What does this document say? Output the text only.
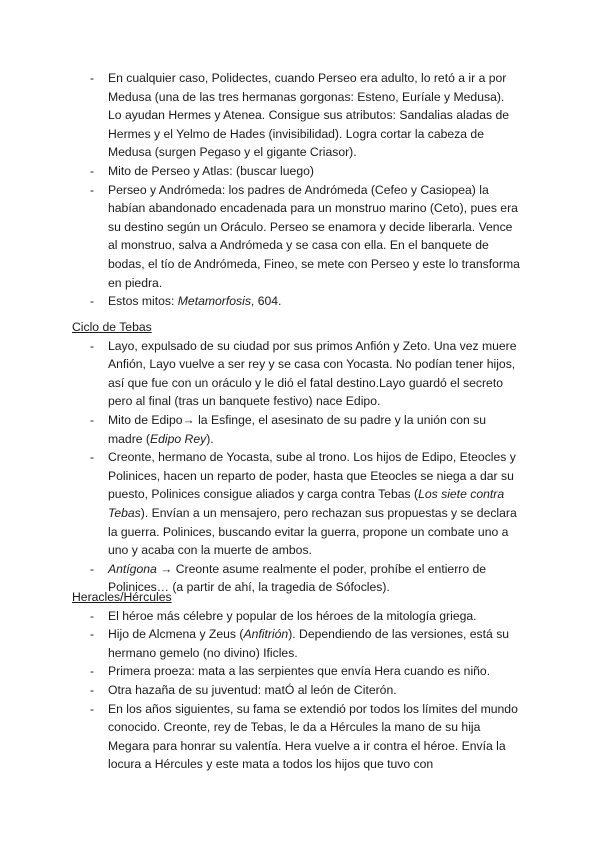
- En cualquier caso, Polidectes, cuando Perseo era adulto, lo retó a ir a por Medusa (una de las tres hermanas gorgonas: Esteno, Euríale y Medusa). Lo ayudan Hermes y Atenea. Consigue sus atributos: Sandalias aladas de Hermes y el Yelmo de Hades (invisibilidad). Logra cortar la cabeza de Medusa (surgen Pegaso y el gigante Criasor).
- Mito de Perseo y Atlas: (buscar luego)
- Perseo y Andrómeda: los padres de Andrómeda (Cefeo y Casiopea) la habían abandonado encadenada para un monstruo marino (Ceto), pues era su destino según un Oráculo. Perseo se enamora y decide liberarla. Vence al monstruo, salva a Andrómeda y se casa con ella. En el banquete de bodas, el tío de Andrómeda, Fineo, se mete con Perseo y este lo transforma en piedra.
- Estos mitos: Metamorfosis, 604.
Ciclo de Tebas
- Layo, expulsado de su ciudad por sus primos Anfión y Zeto. Una vez muere Anfión, Layo vuelve a ser rey y se casa con Yocasta. No podían tener hijos, así que fue con un oráculo y le dió el fatal destino.Layo guardó el secreto pero al final (tras un banquete festivo) nace Edipo.
- Mito de Edipo→ la Esfinge, el asesinato de su padre y la unión con su madre (Edipo Rey).
- Creonte, hermano de Yocasta, sube al trono. Los hijos de Edipo, Eteocles y Polinices, hacen un reparto de poder, hasta que Eteocles se niega a dar su puesto, Polinices consigue aliados y carga contra Tebas (Los siete contra Tebas). Envían a un mensajero, pero rechazan sus propuestas y se declara la guerra. Polinices, buscando evitar la guerra, propone un combate uno a uno y acaba con la muerte de ambos.
- Antígona → Creonte asume realmente el poder, prohíbe el entierro de Polinices… (a partir de ahí, la tragedia de Sófocles).
Heracles/Hércules
- El héroe más célebre y popular de los héroes de la mitología griega.
- Hijo de Alcmena y Zeus (Anfitrión). Dependiendo de las versiones, está su hermano gemelo (no divino) Ificles.
- Primera proeza: mata a las serpientes que envía Hera cuando es niño.
- Otra hazaña de su juventud: matÓ al león de Citerón.
- En los años siguientes, su fama se extendió por todos los límites del mundo conocido. Creonte, rey de Tebas, le da a Hércules la mano de su hija Megara para honrar su valentía. Hera vuelve a ir contra el héroe. Envía la locura a Hércules y este mata a todos los hijos que tuvo con
